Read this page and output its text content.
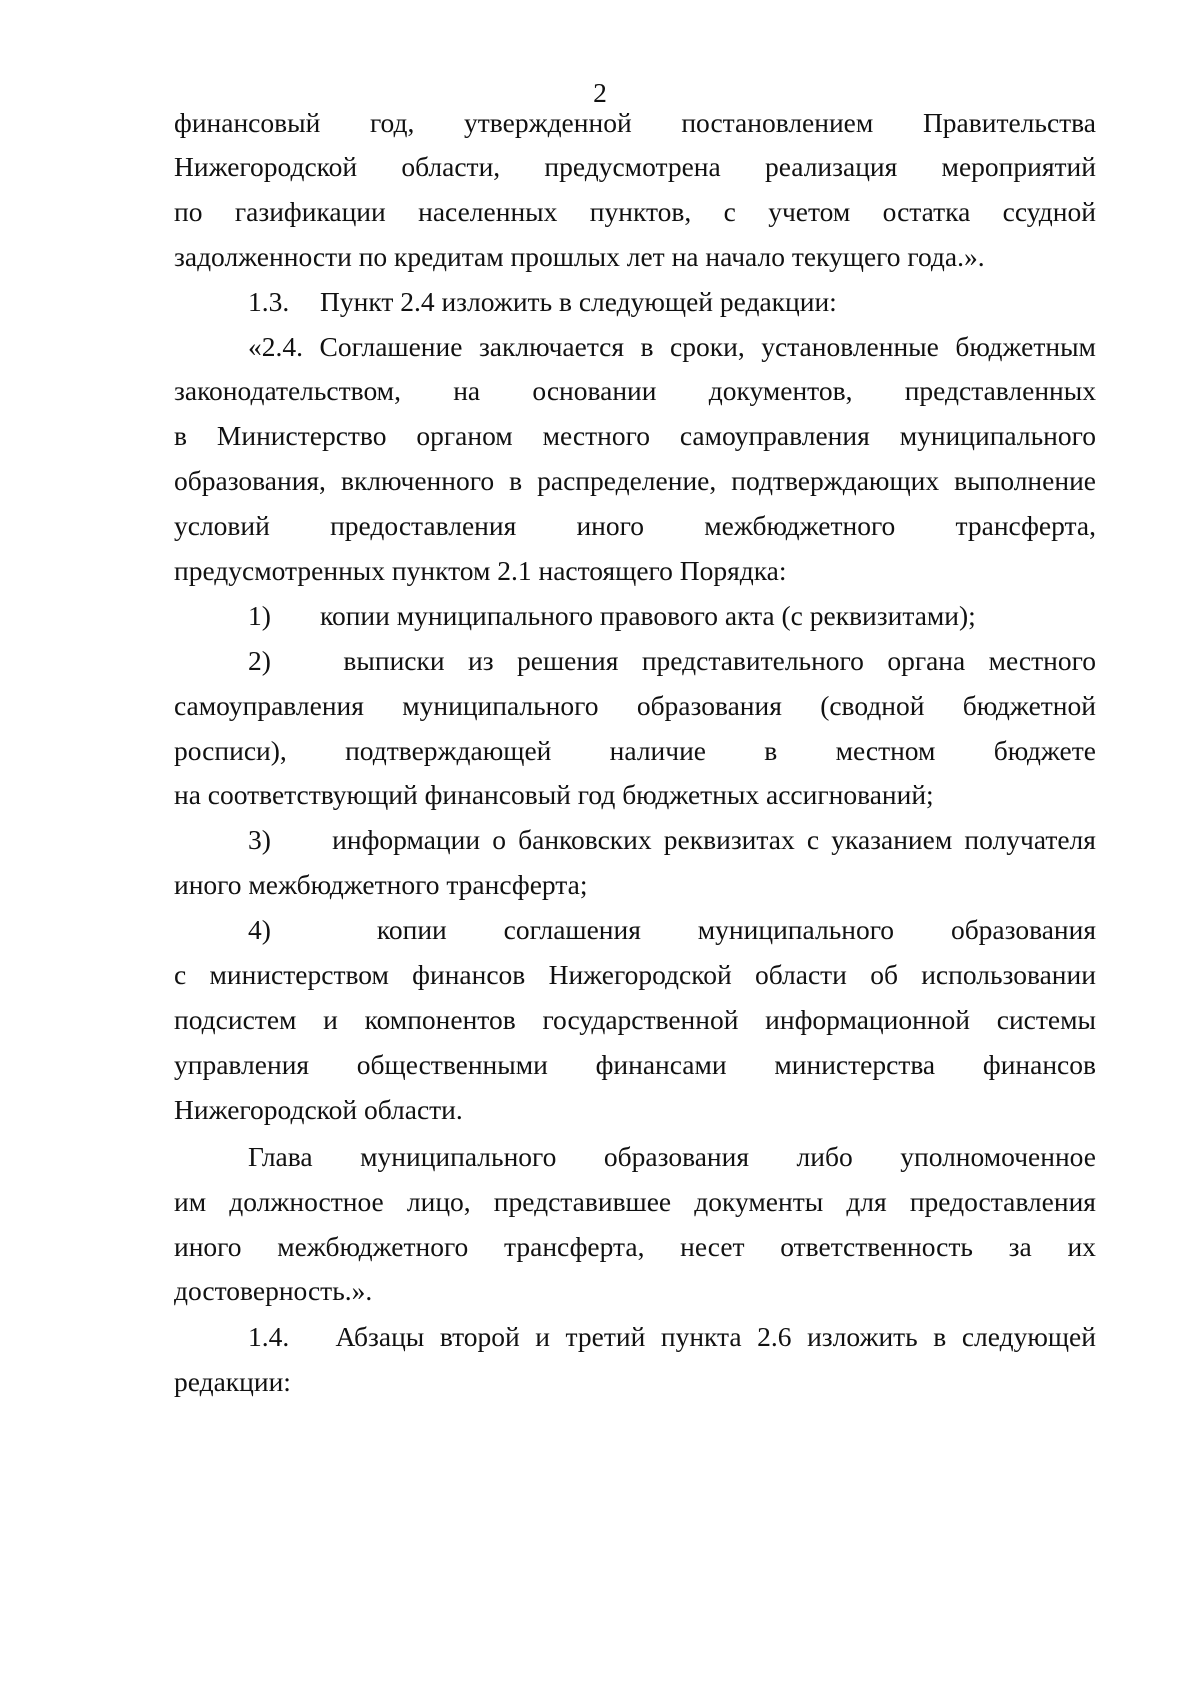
2
финансовый год, утвержденной постановлением Правительства
Нижегородской области, предусмотрена реализация мероприятий
по газификации населенных пунктов, с учетом остатка ссудной
задолженности по кредитам прошлых лет на начало текущего года.».
1.3. Пункт 2.4 изложить в следующей редакции:
«2.4. Соглашение заключается в сроки, установленные бюджетным
законодательством, на основании документов, представленных
в Министерство органом местного самоуправления муниципального
образования, включенного в распределение, подтверждающих выполнение
условий предоставления иного межбюджетного трансферта,
предусмотренных пунктом 2.1 настоящего Порядка:
1) копии муниципального правового акта (с реквизитами);
2)	выписки из решения представительного органа местного
самоуправления муниципального образования (сводной бюджетной
росписи), подтверждающей наличие в местном бюджете
на соответствующий финансовый год бюджетных ассигнований;
3)	информации о банковских реквизитах с указанием получателя
иного межбюджетного трансферта;
4)	копии соглашения муниципального образования
с министерством финансов Нижегородской области об использовании
подсистем и компонентов государственной информационной системы
управления общественными финансами министерства финансов
Нижегородской области.
Глава муниципального образования либо уполномоченное
им должностное лицо, представившее документы для предоставления
иного межбюджетного трансферта, несет ответственность за их
достоверность.».
1.4.	Абзацы второй и третий пункта 2.6 изложить в следующей
редакции:
